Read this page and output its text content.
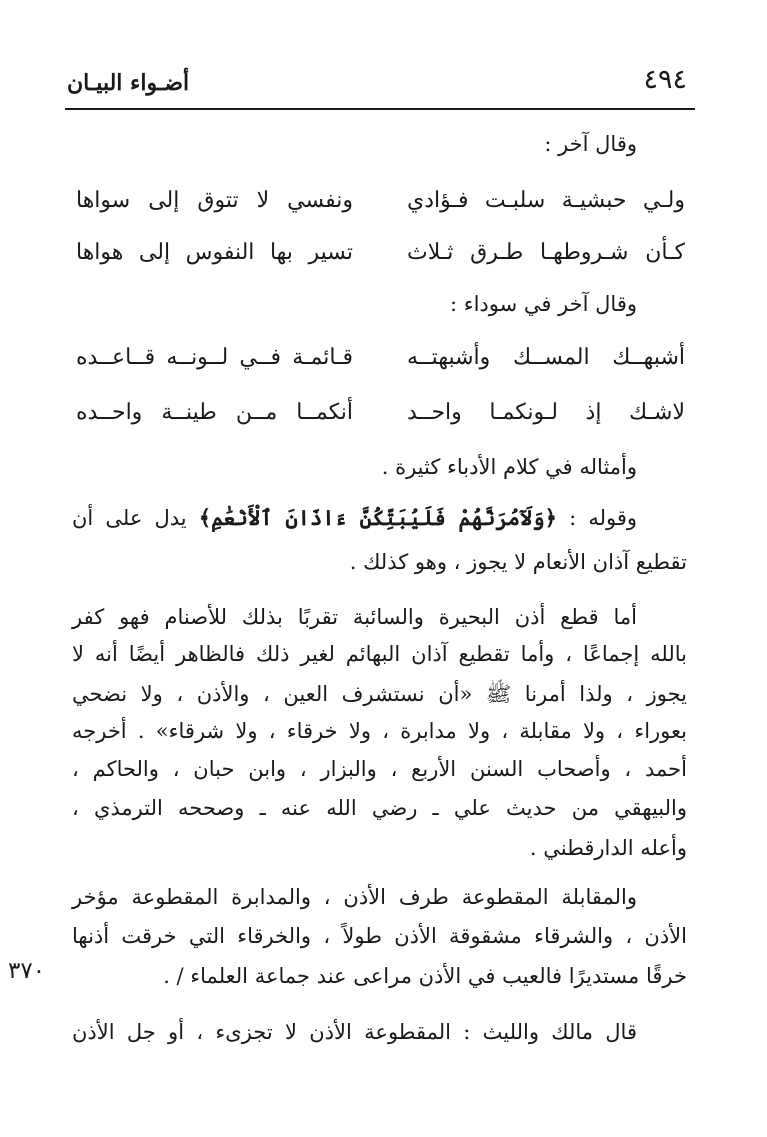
٤٩٤
أضـواء البيـان
وقال آخر :
ولـي حبشيـة سلبـت فـؤادي
ونفسي لا تتوق إلى سواها
كـأن شـروطهـا طـرق ثـلاث
تسير بها النفوس إلى هواها
وقال آخر في سوداء :
أشبهــك المســك وأشبهتــه
قـائمـة فــي لــونــه قــاعــده
لاشـك إذ لـونكمـا واحــد
أنكمــا مــن طينــة واحــده
وأمثاله في كلام الأدباء كثيرة .
وقوله : ﴿وَلَآمُرَنَّهُمْ فَلَيُبَتِّكُنَّ ءَاذَانَ ٱلْأَنْعَٰمِ﴾ يدل على أن
تقطيع آذان الأنعام لا يجوز ، وهو كذلك .
أما قطع أذن البحيرة والسائبة تقربًا بذلك للأصنام فهو كفر
بالله إجماعًا ، وأما تقطيع آذان البهائم لغير ذلك فالظاهر أيضًا أنه لا
يجوز ، ولذا أمرنا ﷺ «أن نستشرف العين ، والأذن ، ولا نضحي
بعوراء ، ولا مقابلة ، ولا مدابرة ، ولا خرقاء ، ولا شرقاء» . أخرجه
أحمد ، وأصحاب السنن الأربع ، والبزار ، وابن حبان ، والحاكم ،
والبيهقي من حديث علي ـ رضي الله عنه ـ وصححه الترمذي ،
وأعله الدارقطني .
والمقابلة المقطوعة طرف الأذن ، والمدابرة المقطوعة مؤخر
الأذن ، والشرقاء مشقوقة الأذن طولاً ، والخرقاء التي خرقت أذنها
خرقًا مستديرًا فالعيب في الأذن مراعى عند جماعة العلماء / .
قال مالك والليث : المقطوعة الأذن لا تجزىء ، أو جل الأذن
٣٧٠
